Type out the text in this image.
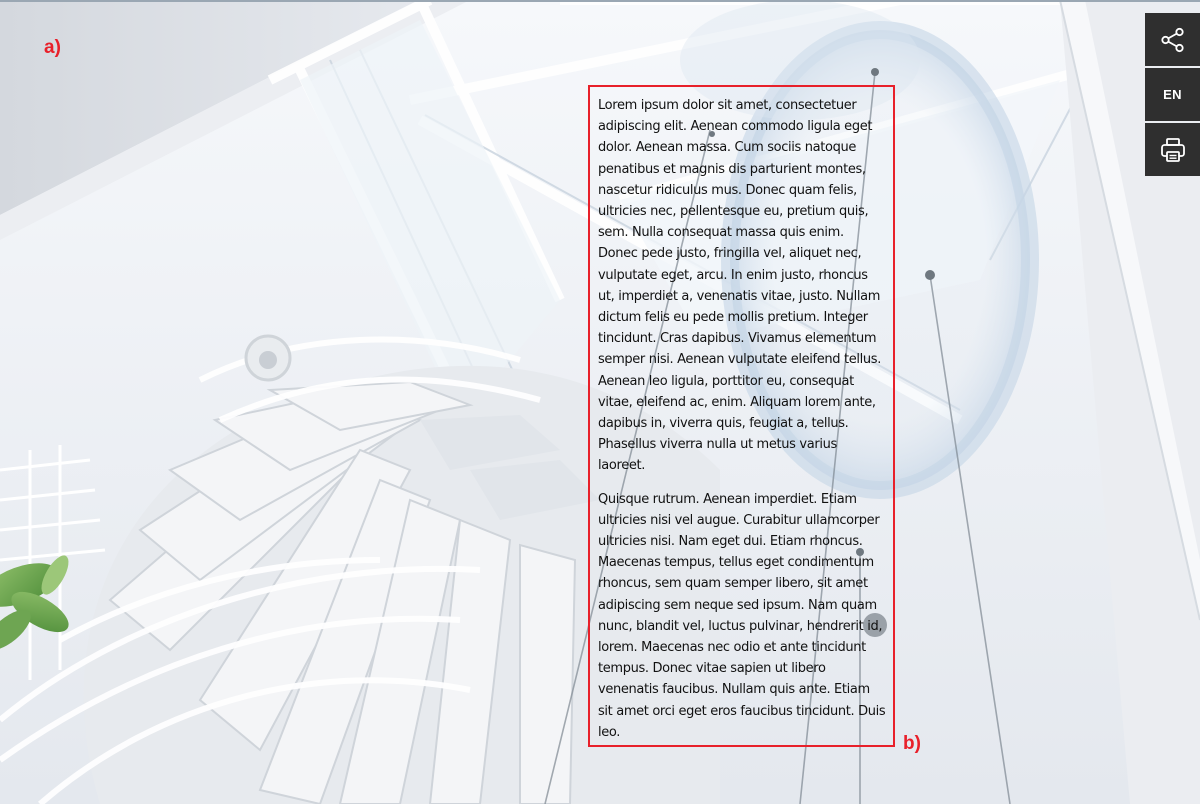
a)

Lorem ipsum dolor sit amet, consectetuer adipiscing elit. Aenean commodo ligula eget dolor. Aenean massa. Cum sociis natoque penatibus et magnis dis parturient montes, nascetur ridiculus mus. Donec quam felis, ultricies nec, pellentesque eu, pretium quis, sem. Nulla consequat massa quis enim. Donec pede justo, fringilla vel, aliquet nec, vulputate eget, arcu. In enim justo, rhoncus ut, imperdiet a, venenatis vitae, justo. Nullam dictum felis eu pede mollis pretium. Integer tincidunt. Cras dapibus. Vivamus elementum semper nisi. Aenean vulputate eleifend tellus. Aenean leo ligula, porttitor eu, consequat vitae, eleifend ac, enim. Aliquam lorem ante, dapibus in, viverra quis, feugiat a, tellus. Phasellus viverra nulla ut metus varius laoreet.

Quisque rutrum. Aenean imperdiet. Etiam ultricies nisi vel augue. Curabitur ullamcorper ultricies nisi. Nam eget dui. Etiam rhoncus. Maecenas tempus, tellus eget condimentum rhoncus, sem quam semper libero, sit amet adipiscing sem neque sed ipsum. Nam quam nunc, blandit vel, luctus pulvinar, hendrerit id, lorem. Maecenas nec odio et ante tincidunt tempus. Donec vitae sapien ut libero venenatis faucibus. Nullam quis ante. Etiam sit amet orci eget eros faucibus tincidunt. Duis leo.

b)
EN
